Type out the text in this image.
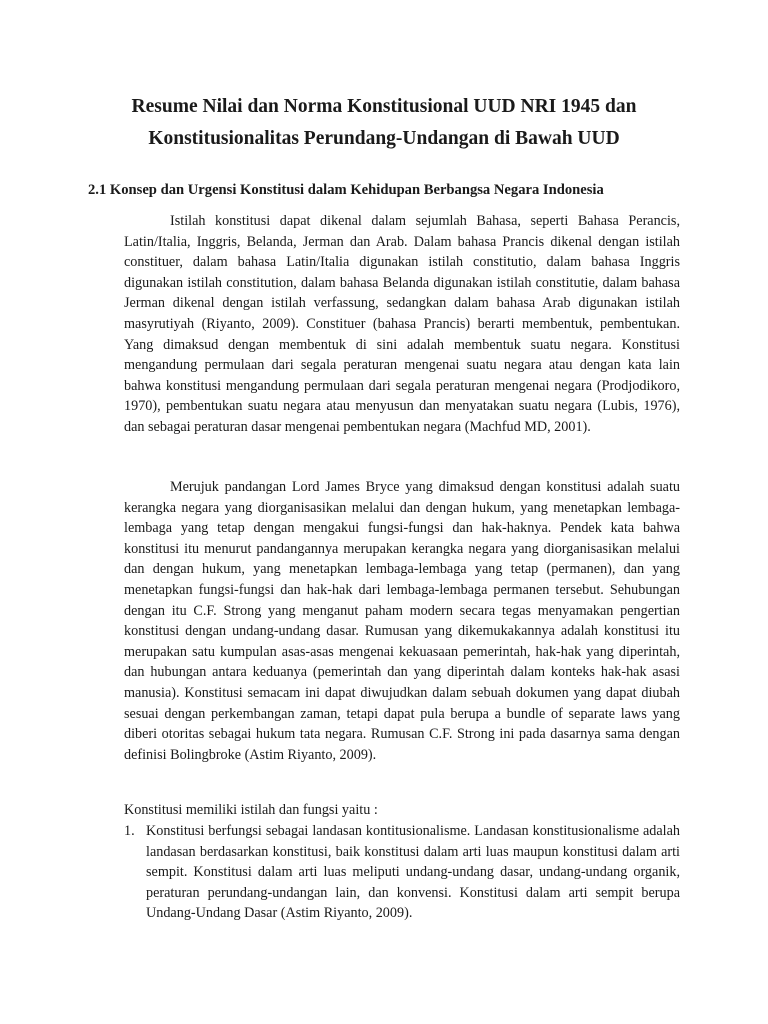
Resume Nilai dan Norma Konstitusional UUD NRI 1945 dan
Konstitusionalitas Perundang-Undangan di Bawah UUD
2.1 Konsep dan Urgensi Konstitusi dalam Kehidupan Berbangsa Negara Indonesia

Istilah konstitusi dapat dikenal dalam sejumlah Bahasa, seperti Bahasa Perancis, Latin/Italia, Inggris, Belanda, Jerman dan Arab. Dalam bahasa Prancis dikenal dengan istilah constituer, dalam bahasa Latin/Italia digunakan istilah constitutio, dalam bahasa Inggris digunakan istilah constitution, dalam bahasa Belanda digunakan istilah constitutie, dalam bahasa Jerman dikenal dengan istilah verfassung, sedangkan dalam bahasa Arab digunakan istilah masyrutiyah (Riyanto, 2009). Constituer (bahasa Prancis) berarti membentuk, pembentukan. Yang dimaksud dengan membentuk di sini adalah membentuk suatu negara. Konstitusi mengandung permulaan dari segala peraturan mengenai suatu negara atau dengan kata lain bahwa konstitusi mengandung permulaan dari segala peraturan mengenai negara (Prodjodikoro, 1970), pembentukan suatu negara atau menyusun dan menyatakan suatu negara (Lubis, 1976), dan sebagai peraturan dasar mengenai pembentukan negara (Machfud MD, 2001).

Merujuk pandangan Lord James Bryce yang dimaksud dengan konstitusi adalah suatu kerangka negara yang diorganisasikan melalui dan dengan hukum, yang menetapkan lembaga-lembaga yang tetap dengan mengakui fungsi-fungsi dan hak-haknya. Pendek kata bahwa konstitusi itu menurut pandangannya merupakan kerangka negara yang diorganisasikan melalui dan dengan hukum, yang menetapkan lembaga-lembaga yang tetap (permanen), dan yang menetapkan fungsi-fungsi dan hak-hak dari lembaga-lembaga permanen tersebut. Sehubungan dengan itu C.F. Strong yang menganut paham modern secara tegas menyamakan pengertian konstitusi dengan undang-undang dasar. Rumusan yang dikemukakannya adalah konstitusi itu merupakan satu kumpulan asas-asas mengenai kekuasaan pemerintah, hak-hak yang diperintah, dan hubungan antara keduanya (pemerintah dan yang diperintah dalam konteks hak-hak asasi manusia). Konstitusi semacam ini dapat diwujudkan dalam sebuah dokumen yang dapat diubah sesuai dengan perkembangan zaman, tetapi dapat pula berupa a bundle of separate laws yang diberi otoritas sebagai hukum tata negara. Rumusan C.F. Strong ini pada dasarnya sama dengan definisi Bolingbroke (Astim Riyanto, 2009).

Konstitusi memiliki istilah dan fungsi yaitu :

1. Konstitusi berfungsi sebagai landasan kontitusionalisme. Landasan konstitusionalisme adalah landasan berdasarkan konstitusi, baik konstitusi dalam arti luas maupun konstitusi dalam arti sempit. Konstitusi dalam arti luas meliputi undang-undang dasar, undang-undang organik, peraturan perundang-undangan lain, dan konvensi. Konstitusi dalam arti sempit berupa Undang-Undang Dasar (Astim Riyanto, 2009).
